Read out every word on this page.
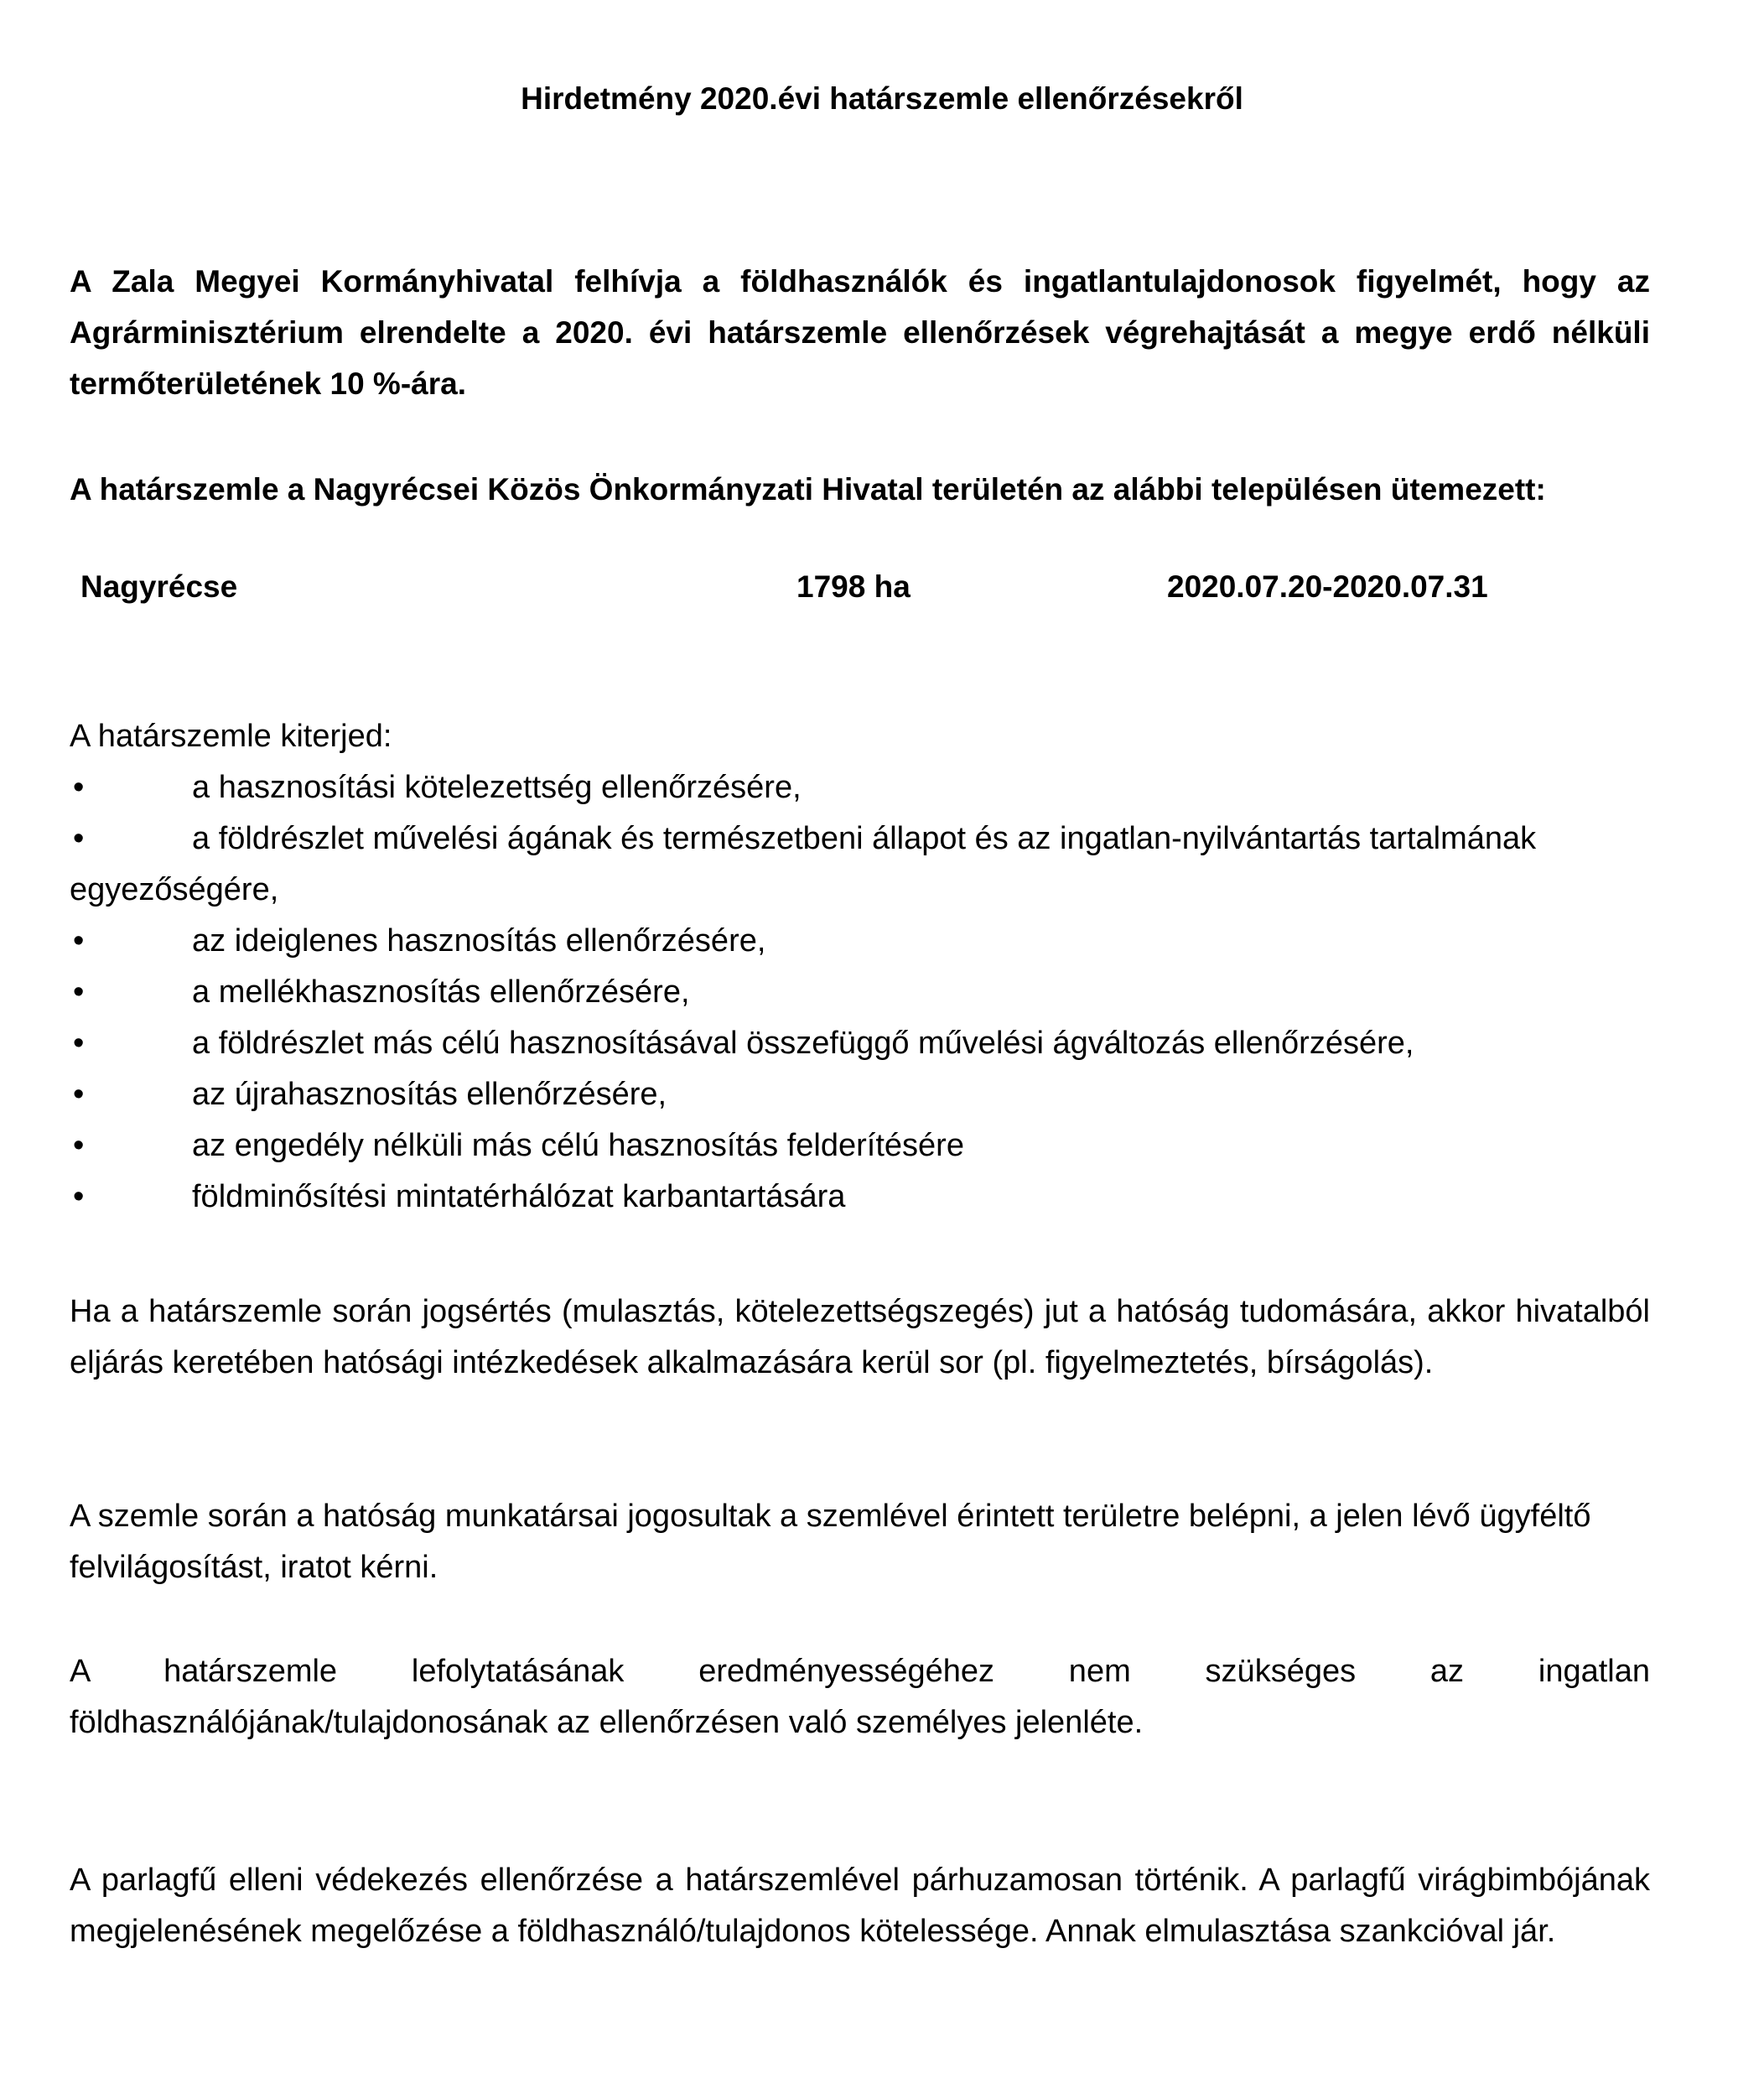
Hirdetmény 2020.évi határszemle ellenőrzésekről
A Zala Megyei Kormányhivatal felhívja a földhasználók és ingatlantulajdonosok figyelmét, hogy az Agrárminisztérium elrendelte a 2020. évi határszemle ellenőrzések végrehajtását a megye erdő nélküli termőterületének 10 %-ára.
A határszemle a Nagyrécsei Közös Önkormányzati Hivatal területén az alábbi településen ütemezett:
Nagyrécse	1798 ha	2020.07.20-2020.07.31
A határszemle kiterjed:
•	a hasznosítási kötelezettség ellenőrzésére,
•	a földrészlet művelési ágának és természetbeni állapot és az ingatlan-nyilvántartás tartalmának egyezőségére,
•	az ideiglenes hasznosítás ellenőrzésére,
•	a mellékhasznosítás ellenőrzésére,
•	a földrészlet más célú hasznosításával összefüggő művelési ágváltozás ellenőrzésére,
•	az újrahasznosítás ellenőrzésére,
•	az engedély nélküli más célú hasznosítás felderítésére
•	földminősítési mintatérhálózat karbantartására
Ha a határszemle során jogsértés (mulasztás, kötelezettségszegés) jut a hatóság tudomására, akkor hivatalból eljárás keretében hatósági intézkedések alkalmazására kerül sor (pl. figyelmeztetés, bírságolás).
A szemle során a hatóság munkatársai jogosultak a szemlével érintett területre belépni, a jelen lévő ügyféltő felvilágosítást, iratot kérni.
A határszemle lefolytatásának eredményességéhez nem szükséges az ingatlan földhasználójának/tulajdonosának az ellenőrzésen való személyes jelenléte.
A parlagfű elleni védekezés ellenőrzése a határszemlével párhuzamosan történik. A parlagfű virágbimbójának megjelenésének megelőzése a földhasználó/tulajdonos kötelessége. Annak elmulasztása szankcióval jár.
